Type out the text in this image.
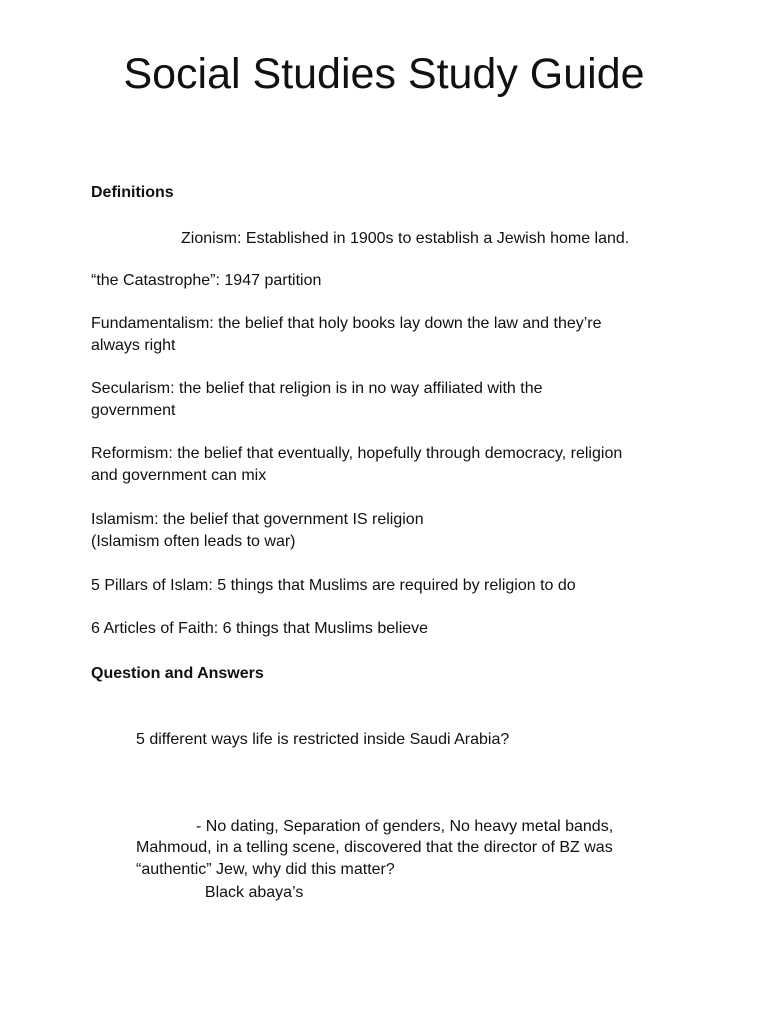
Social Studies Study Guide
Definitions
Zionism: Established in 1900s to establish a Jewish home land.
“the Catastrophe”: 1947 partition
Fundamentalism: the belief that holy books lay down the law and they’re
always right
Secularism: the belief that religion is in no way affiliated with the
government
Reformism: the belief that eventually, hopefully through democracy, religion
and government can mix
Islamism: the belief that government IS religion
(Islamism often leads to war)
5 Pillars of Islam: 5 things that Muslims are required by religion to do
6 Articles of Faith: 6 things that Muslims believe
Question and Answers
5 different ways life is restricted inside Saudi Arabia?

- No dating, Separation of genders, No heavy metal bands,

Black abaya’s

Mahmoud, in a telling scene, discovered that the director of BZ was
“authentic” Jew, why did this matter?
